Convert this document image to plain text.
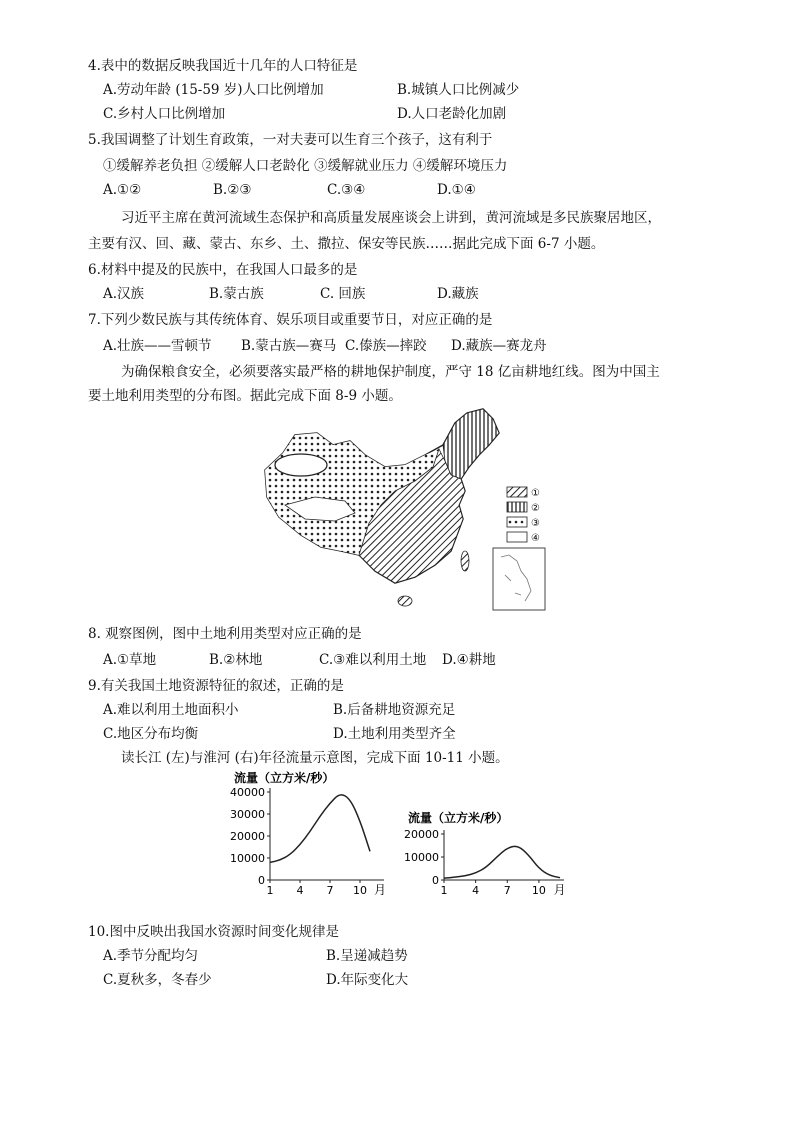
4.表中的数据反映我国近十几年的人口特征是
A.劳动年龄 (15-59 岁)人口比例增加	B.城镇人口比例减少
C.乡村人口比例增加	D.人口老龄化加剧
5.我国调整了计划生育政策，一对夫妻可以生育三个孩子，这有利于
①缓解养老负担 ②缓解人口老龄化 ③缓解就业压力 ④缓解环境压力
A.①②	B.②③	C.③④	D.①④
习近平主席在黄河流域生态保护和高质量发展座谈会上讲到，黄河流域是多民族聚居地区，
主要有汉、回、藏、蒙古、东乡、土、撒拉、保安等民族……据此完成下面 6-7 小题。
6.材料中提及的民族中，在我国人口最多的是
A.汉族	B.蒙古族	C. 回族	D.藏族
7.下列少数民族与其传统体育、娱乐项目或重要节日，对应正确的是
A.壮族——雪顿节 B.蒙古族—赛马 C.傣族—摔跤 D.藏族—赛龙舟
为确保粮食安全，必须要落实最严格的耕地保护制度，严守 18 亿亩耕地红线。图为中国主
要土地利用类型的分布图。据此完成下面 8-9 小题。
①
②
③
④
8. 观察图例，图中土地利用类型对应正确的是
A.①草地	B.②林地	C.③难以利用土地 D.④耕地
9.有关我国土地资源特征的叙述，正确的是
A.难以利用土地面积小	B.后备耕地资源充足
C.地区分布均衡	D.土地利用类型齐全
读长江 (左)与淮河 (右)年径流量示意图，完成下面 10-11 小题。
流量（立方米/秒）
0
10000
20000
30000
40000
1 4 7 10 月
流量（立方米/秒）
0
10000
20000
1 4 7 10 月
10.图中反映出我国水资源时间变化规律是
A.季节分配均匀	B.呈递减趋势
C.夏秋多，冬春少	D.年际变化大
